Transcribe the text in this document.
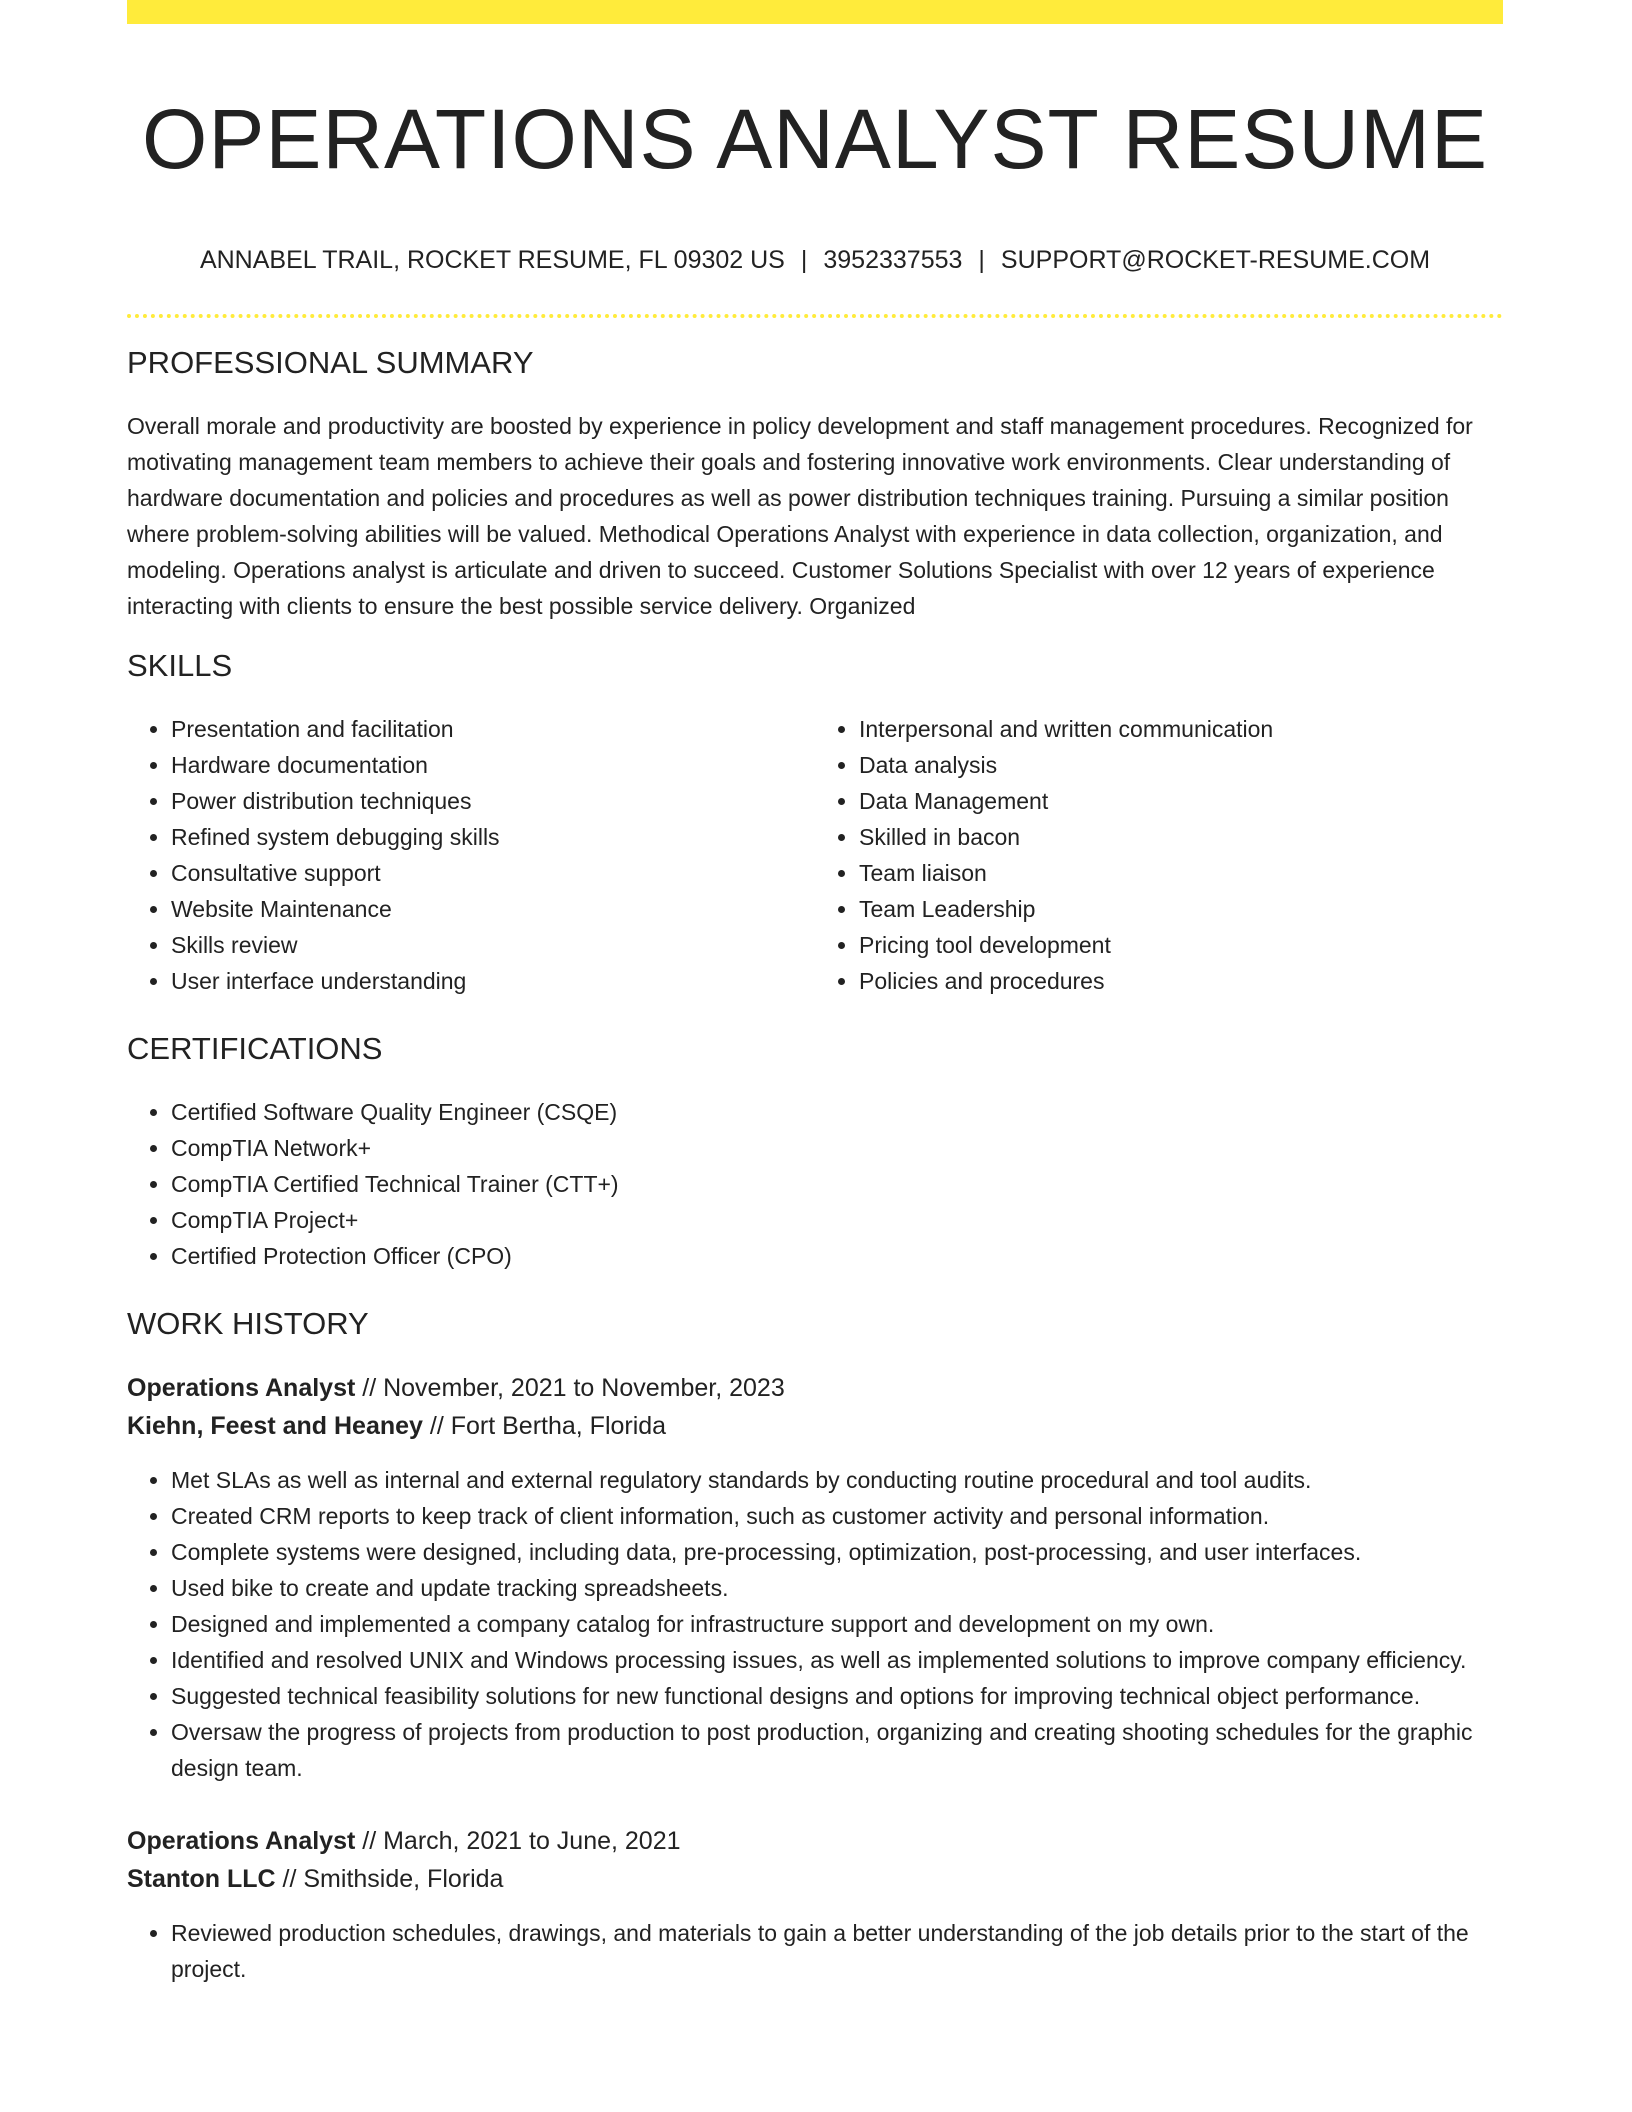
OPERATIONS ANALYST RESUME
ANNABEL TRAIL, ROCKET RESUME, FL 09302 US | 3952337553 | SUPPORT@ROCKET-RESUME.COM
PROFESSIONAL SUMMARY

Overall morale and productivity are boosted by experience in policy development and staff management procedures. Recognized for motivating management team members to achieve their goals and fostering innovative work environments. Clear understanding of hardware documentation and policies and procedures as well as power distribution techniques training. Pursuing a similar position where problem-solving abilities will be valued. Methodical Operations Analyst with experience in data collection, organization, and modeling. Operations analyst is articulate and driven to succeed. Customer Solutions Specialist with over 12 years of experience interacting with clients to ensure the best possible service delivery. Organized

SKILLS
• Presentation and facilitation
• Hardware documentation
• Power distribution techniques
• Refined system debugging skills
• Consultative support
• Website Maintenance
• Skills review
• User interface understanding
• Interpersonal and written communication
• Data analysis
• Data Management
• Skilled in bacon
• Team liaison
• Team Leadership
• Pricing tool development
• Policies and procedures
CERTIFICATIONS
• Certified Software Quality Engineer (CSQE)
• CompTIA Network+
• CompTIA Certified Technical Trainer (CTT+)
• CompTIA Project+
• Certified Protection Officer (CPO)
WORK HISTORY
Operations Analyst // November, 2021 to November, 2023
Kiehn, Feest and Heaney // Fort Bertha, Florida
• Met SLAs as well as internal and external regulatory standards by conducting routine procedural and tool audits.
• Created CRM reports to keep track of client information, such as customer activity and personal information.
• Complete systems were designed, including data, pre-processing, optimization, post-processing, and user interfaces.
• Used bike to create and update tracking spreadsheets.
• Designed and implemented a company catalog for infrastructure support and development on my own.
• Identified and resolved UNIX and Windows processing issues, as well as implemented solutions to improve company efficiency.
• Suggested technical feasibility solutions for new functional designs and options for improving technical object performance.
• Oversaw the progress of projects from production to post production, organizing and creating shooting schedules for the graphic design team.
Operations Analyst // March, 2021 to June, 2021
Stanton LLC // Smithside, Florida
• Reviewed production schedules, drawings, and materials to gain a better understanding of the job details prior to the start of the project.
